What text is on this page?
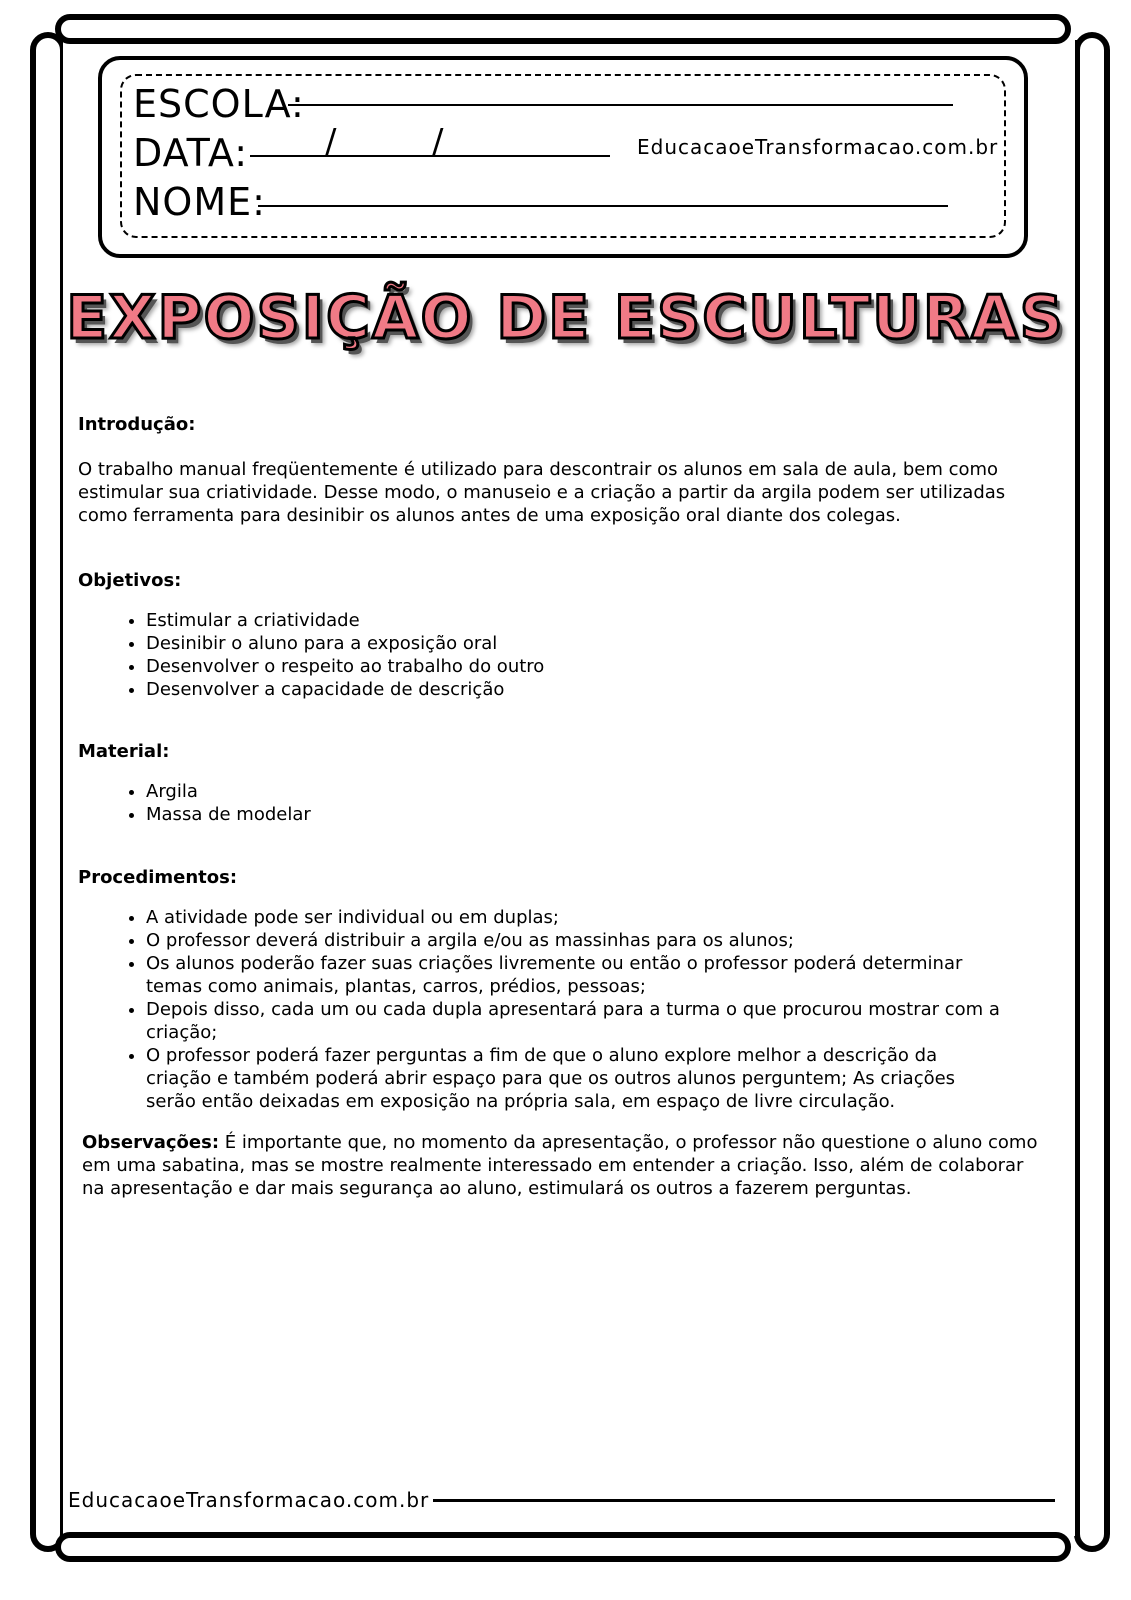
ESCOLA:
DATA: /	/	EducacaoeTransformacao.com.br
NOME:
EXPOSIÇÃO DE ESCULTURAS

Introdução:

O trabalho manual freqüentemente é utilizado para descontrair os alunos em sala de aula, bem como estimular sua criatividade. Desse modo, o manuseio e a criação a partir da argila podem ser utilizadas como ferramenta para desinibir os alunos antes de uma exposição oral diante dos colegas.

Objetivos:

• Estimular a criatividade
• Desinibir o aluno para a exposição oral
• Desenvolver o respeito ao trabalho do outro
• Desenvolver a capacidade de descrição

Material:

• Argila
• Massa de modelar

Procedimentos:

• A atividade pode ser individual ou em duplas;
• O professor deverá distribuir a argila e/ou as massinhas para os alunos;
• Os alunos poderão fazer suas criações livremente ou então o professor poderá determinar temas como animais, plantas, carros, prédios, pessoas;
• Depois disso, cada um ou cada dupla apresentará para a turma o que procurou mostrar com a criação;
• O professor poderá fazer perguntas a fim de que o aluno explore melhor a descrição da criação e também poderá abrir espaço para que os outros alunos perguntem; As criações serão então deixadas em exposição na própria sala, em espaço de livre circulação.

Observações: É importante que, no momento da apresentação, o professor não questione o aluno como em uma sabatina, mas se mostre realmente interessado em entender a criação. Isso, além de colaborar na apresentação e dar mais segurança ao aluno, estimulará os outros a fazerem perguntas.

EducacaoeTransformacao.com.br
